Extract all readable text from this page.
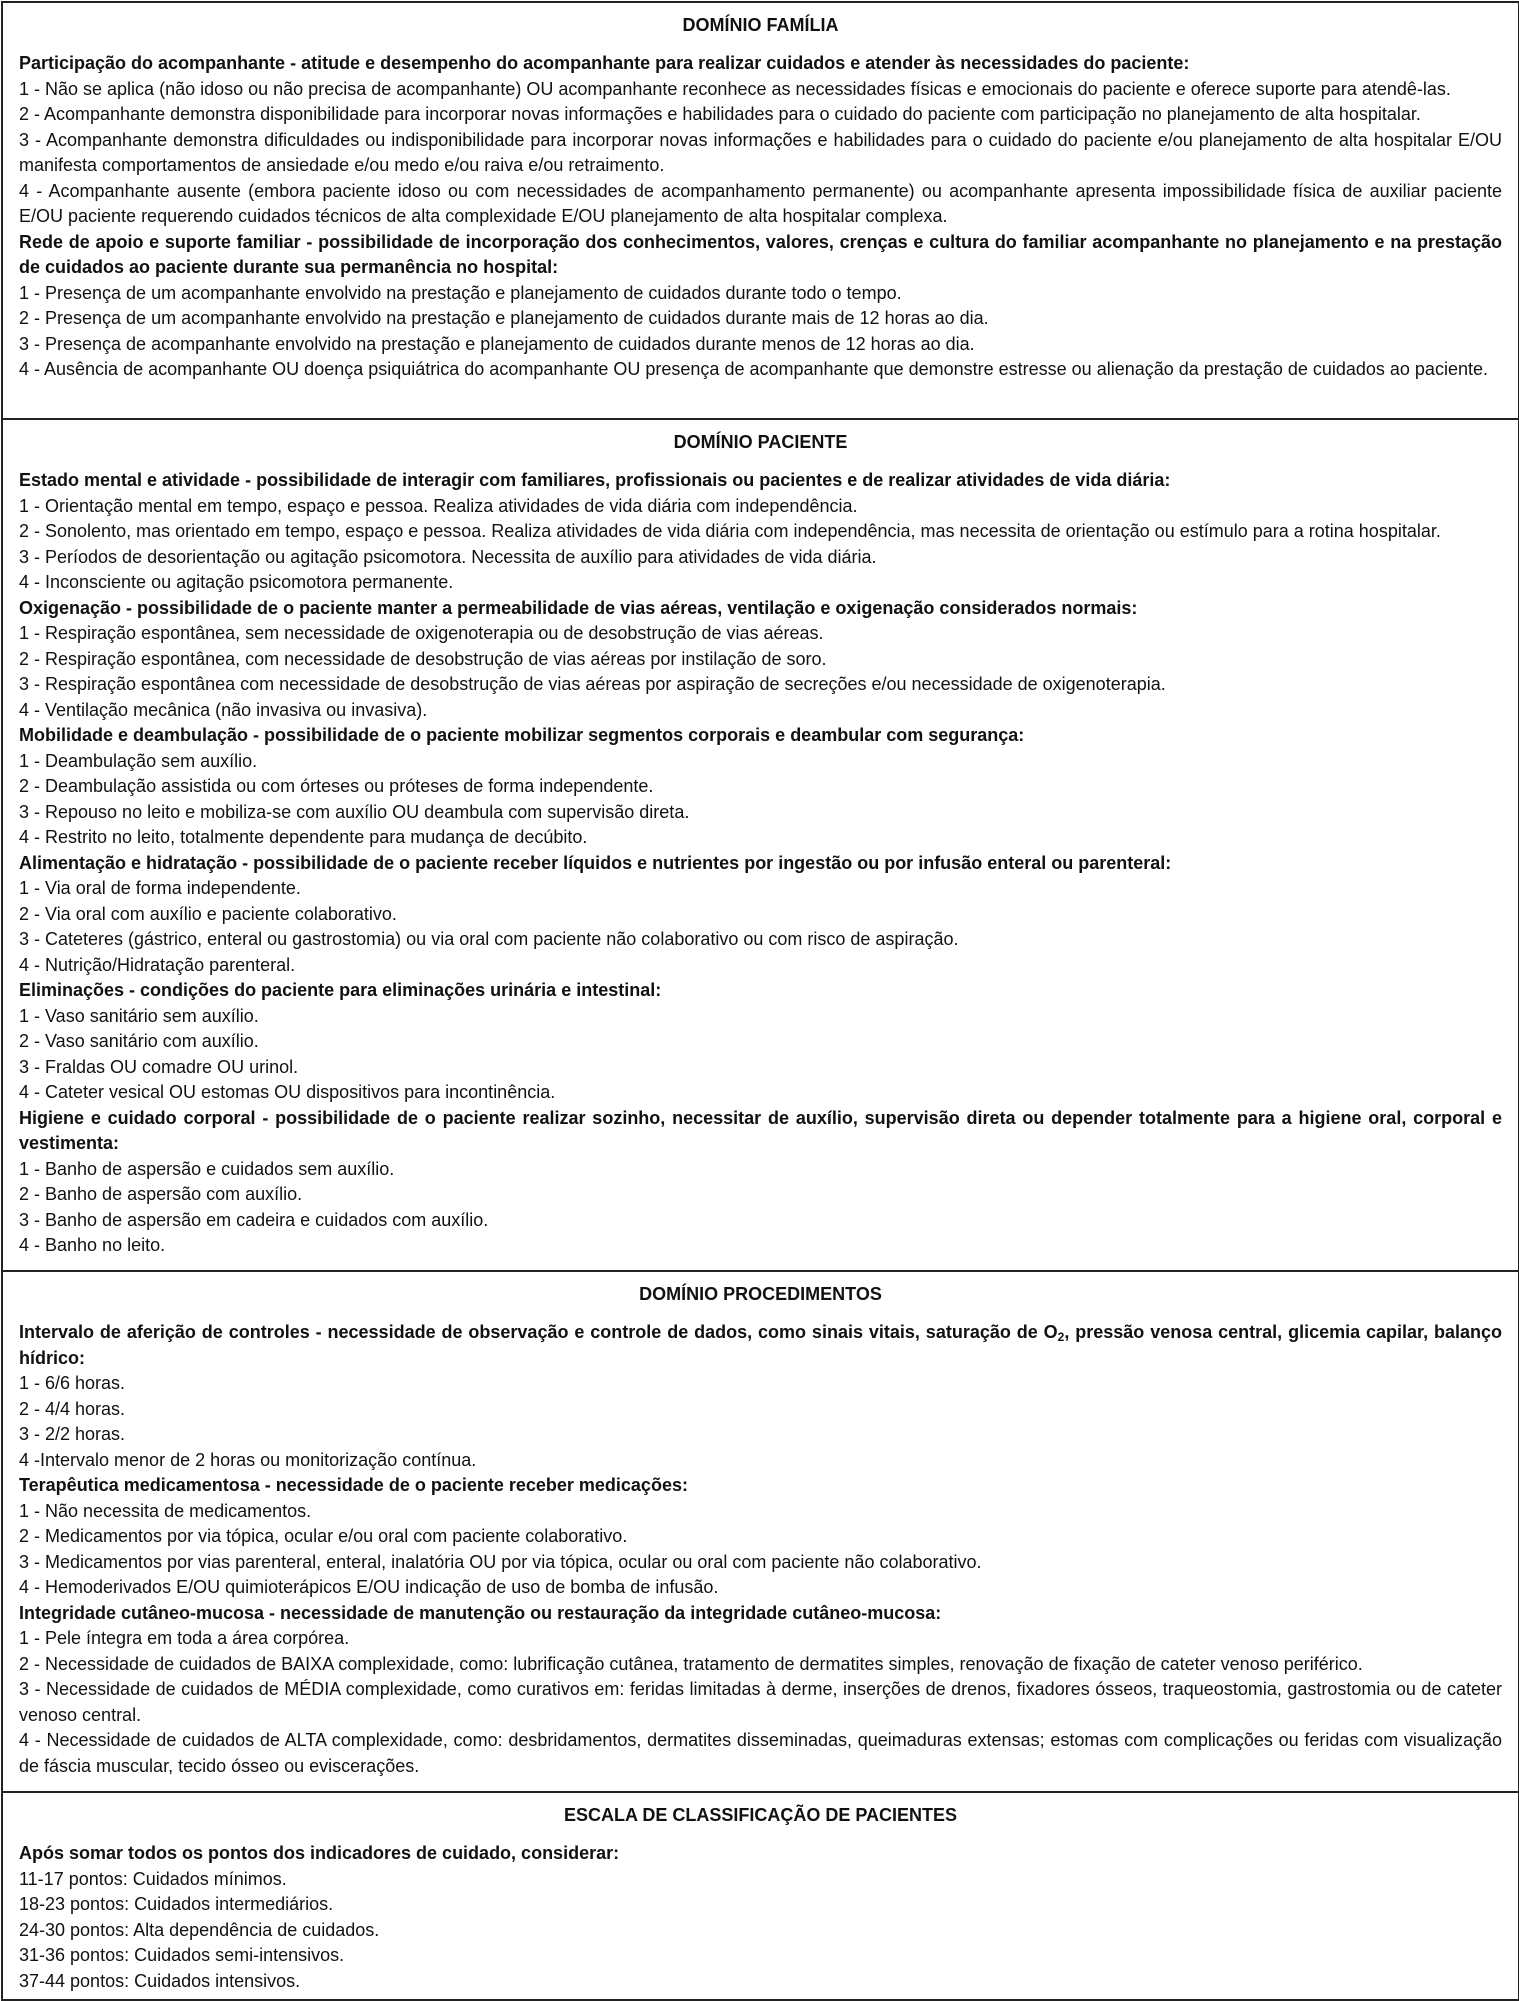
DOMÍNIO FAMÍLIA
Participação do acompanhante - atitude e desempenho do acompanhante para realizar cuidados e atender às necessidades do paciente:
1 - Não se aplica (não idoso ou não precisa de acompanhante) OU acompanhante reconhece as necessidades físicas e emocionais do paciente e oferece suporte para atendê-las.
2 - Acompanhante demonstra disponibilidade para incorporar novas informações e habilidades para o cuidado do paciente com participação no planejamento de alta hospitalar.
3 - Acompanhante demonstra dificuldades ou indisponibilidade para incorporar novas informações e habilidades para o cuidado do paciente e/ou planejamento de alta hospitalar E/OU manifesta comportamentos de ansiedade e/ou medo e/ou raiva e/ou retraimento.
4 - Acompanhante ausente (embora paciente idoso ou com necessidades de acompanhamento permanente) ou acompanhante apresenta impossibilidade física de auxiliar paciente E/OU paciente requerendo cuidados técnicos de alta complexidade E/OU planejamento de alta hospitalar complexa.
Rede de apoio e suporte familiar - possibilidade de incorporação dos conhecimentos, valores, crenças e cultura do familiar acompanhante no planejamento e na prestação de cuidados ao paciente durante sua permanência no hospital:
1 - Presença de um acompanhante envolvido na prestação e planejamento de cuidados durante todo o tempo.
2 - Presença de um acompanhante envolvido na prestação e planejamento de cuidados durante mais de 12 horas ao dia.
3 - Presença de acompanhante envolvido na prestação e planejamento de cuidados durante menos de 12 horas ao dia.
4 - Ausência de acompanhante OU doença psiquiátrica do acompanhante OU presença de acompanhante que demonstre estresse ou alienação da prestação de cuidados ao paciente.
DOMÍNIO PACIENTE
Estado mental e atividade - possibilidade de interagir com familiares, profissionais ou pacientes e de realizar atividades de vida diária:
1 - Orientação mental em tempo, espaço e pessoa. Realiza atividades de vida diária com independência.
2 - Sonolento, mas orientado em tempo, espaço e pessoa. Realiza atividades de vida diária com independência, mas necessita de orientação ou estímulo para a rotina hospitalar.
3 - Períodos de desorientação ou agitação psicomotora. Necessita de auxílio para atividades de vida diária.
4 - Inconsciente ou agitação psicomotora permanente.
Oxigenação - possibilidade de o paciente manter a permeabilidade de vias aéreas, ventilação e oxigenação considerados normais:
1 - Respiração espontânea, sem necessidade de oxigenoterapia ou de desobstrução de vias aéreas.
2 - Respiração espontânea, com necessidade de desobstrução de vias aéreas por instilação de soro.
3 - Respiração espontânea com necessidade de desobstrução de vias aéreas por aspiração de secreções e/ou necessidade de oxigenoterapia.
4 - Ventilação mecânica (não invasiva ou invasiva).
Mobilidade e deambulação - possibilidade de o paciente mobilizar segmentos corporais e deambular com segurança:
1 - Deambulação sem auxílio.
2 - Deambulação assistida ou com órteses ou próteses de forma independente.
3 - Repouso no leito e mobiliza-se com auxílio OU deambula com supervisão direta.
4 - Restrito no leito, totalmente dependente para mudança de decúbito.
Alimentação e hidratação - possibilidade de o paciente receber líquidos e nutrientes por ingestão ou por infusão enteral ou parenteral:
1 - Via oral de forma independente.
2 - Via oral com auxílio e paciente colaborativo.
3 - Cateteres (gástrico, enteral ou gastrostomia) ou via oral com paciente não colaborativo ou com risco de aspiração.
4 - Nutrição/Hidratação parenteral.
Eliminações - condições do paciente para eliminações urinária e intestinal:
1 - Vaso sanitário sem auxílio.
2 - Vaso sanitário com auxílio.
3 - Fraldas OU comadre OU urinol.
4 - Cateter vesical OU estomas OU dispositivos para incontinência.
Higiene e cuidado corporal - possibilidade de o paciente realizar sozinho, necessitar de auxílio, supervisão direta ou depender totalmente para a higiene oral, corporal e vestimenta:
1 - Banho de aspersão e cuidados sem auxílio.
2 - Banho de aspersão com auxílio.
3 - Banho de aspersão em cadeira e cuidados com auxílio.
4 - Banho no leito.
DOMÍNIO PROCEDIMENTOS
Intervalo de aferição de controles - necessidade de observação e controle de dados, como sinais vitais, saturação de $O_2$, pressão venosa central, glicemia capilar, balanço hídrico:
1 - 6/6 horas.
2 - 4/4 horas.
3 - 2/2 horas.
4 -Intervalo menor de 2 horas ou monitorização contínua.
Terapêutica medicamentosa - necessidade de o paciente receber medicações:
1 - Não necessita de medicamentos.
2 - Medicamentos por via tópica, ocular e/ou oral com paciente colaborativo.
3 - Medicamentos por vias parenteral, enteral, inalatória OU por via tópica, ocular ou oral com paciente não colaborativo.
4 - Hemoderivados E/OU quimioterápicos E/OU indicação de uso de bomba de infusão.
Integridade cutâneo-mucosa - necessidade de manutenção ou restauração da integridade cutâneo-mucosa:
1 - Pele íntegra em toda a área corpórea.
2 - Necessidade de cuidados de BAIXA complexidade, como: lubrificação cutânea, tratamento de dermatites simples, renovação de fixação de cateter venoso periférico.
3 - Necessidade de cuidados de MÉDIA complexidade, como curativos em: feridas limitadas à derme, inserções de drenos, fixadores ósseos, traqueostomia, gastrostomia ou de cateter venoso central.
4 - Necessidade de cuidados de ALTA complexidade, como: desbridamentos, dermatites disseminadas, queimaduras extensas; estomas com complicações ou feridas com visualização de fáscia muscular, tecido ósseo ou eviscerações.
ESCALA DE CLASSIFICAÇÃO DE PACIENTES
Após somar todos os pontos dos indicadores de cuidado, considerar:
11-17 pontos: Cuidados mínimos.
18-23 pontos: Cuidados intermediários.
24-30 pontos: Alta dependência de cuidados.
31-36 pontos: Cuidados semi-intensivos.
37-44 pontos: Cuidados intensivos.
